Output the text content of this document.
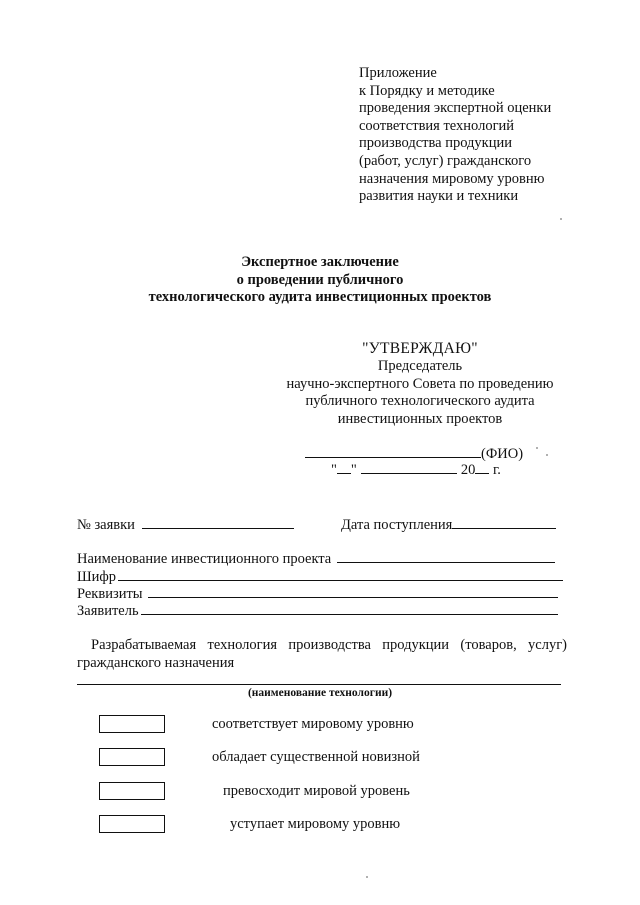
Приложение
к Порядку и методике
проведения экспертной оценки
соответствия технологий
производства продукции
(работ, услуг) гражданского
назначения мировому уровню
развития науки и техники
Экспертное заключение
о проведении публичного
технологического аудита инвестиционных проектов
"УТВЕРЖДАЮ"
Председатель
научно-экспертного Совета по проведению
публичного технологического аудита
инвестиционных проектов
(ФИО)
" "	20 г.
№ заявки	Дата поступления
Наименование инвестиционного проекта
Шифр
Реквизиты
Заявитель
Разрабатываемая технология производства продукции (товаров, услуг) гражданского назначения
(наименование технологии)
соответствует мировому уровню
обладает существенной новизной
превосходит мировой уровень
уступает мировому уровню
